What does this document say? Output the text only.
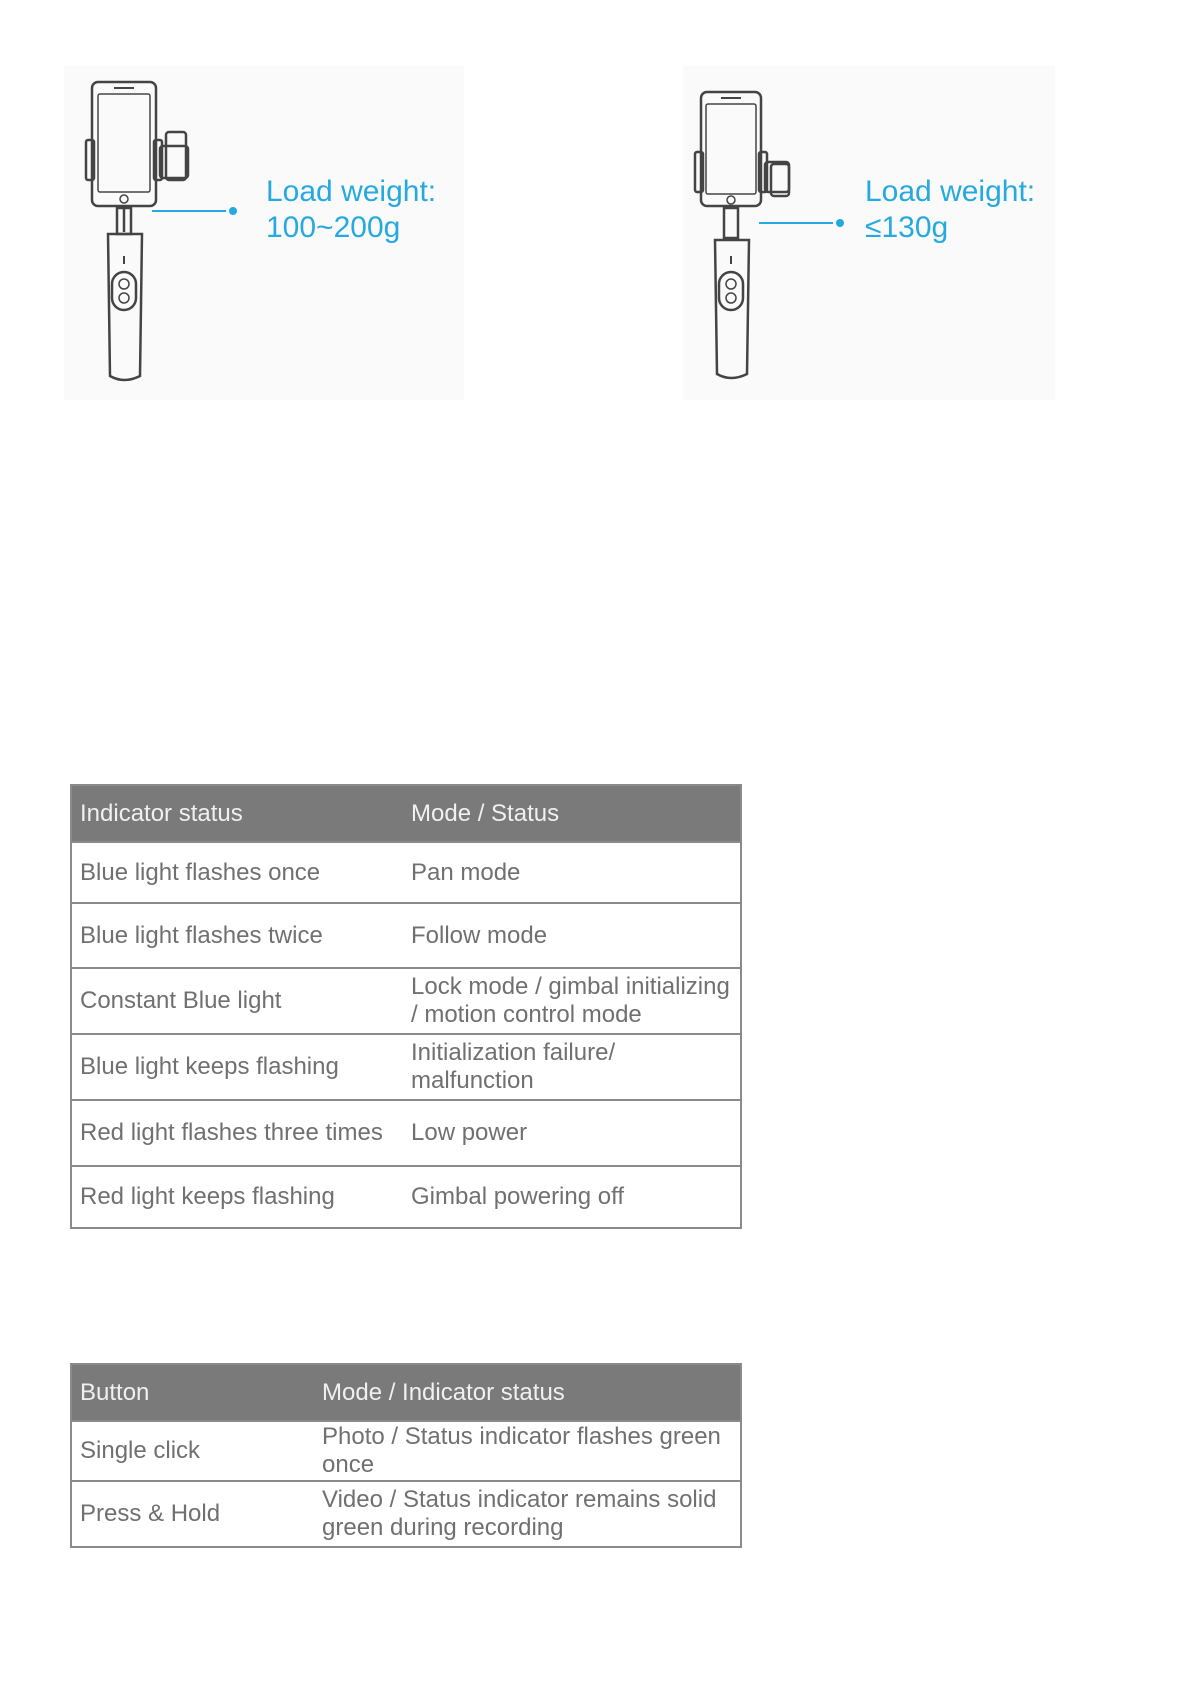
Load weight:
100~200g
Load weight:
≤130g
Indicator status	Mode / Status
Blue light flashes once	Pan mode
Blue light flashes twice	Follow mode
Constant Blue light	Lock mode / gimbal initializing / motion control mode
Blue light keeps flashing	Initialization failure/ malfunction
Red light flashes three times	Low power
Red light keeps flashing	Gimbal powering off
Button	Mode / Indicator status
Single click	Photo / Status indicator flashes green once
Press & Hold	Video / Status indicator remains solid green during recording
